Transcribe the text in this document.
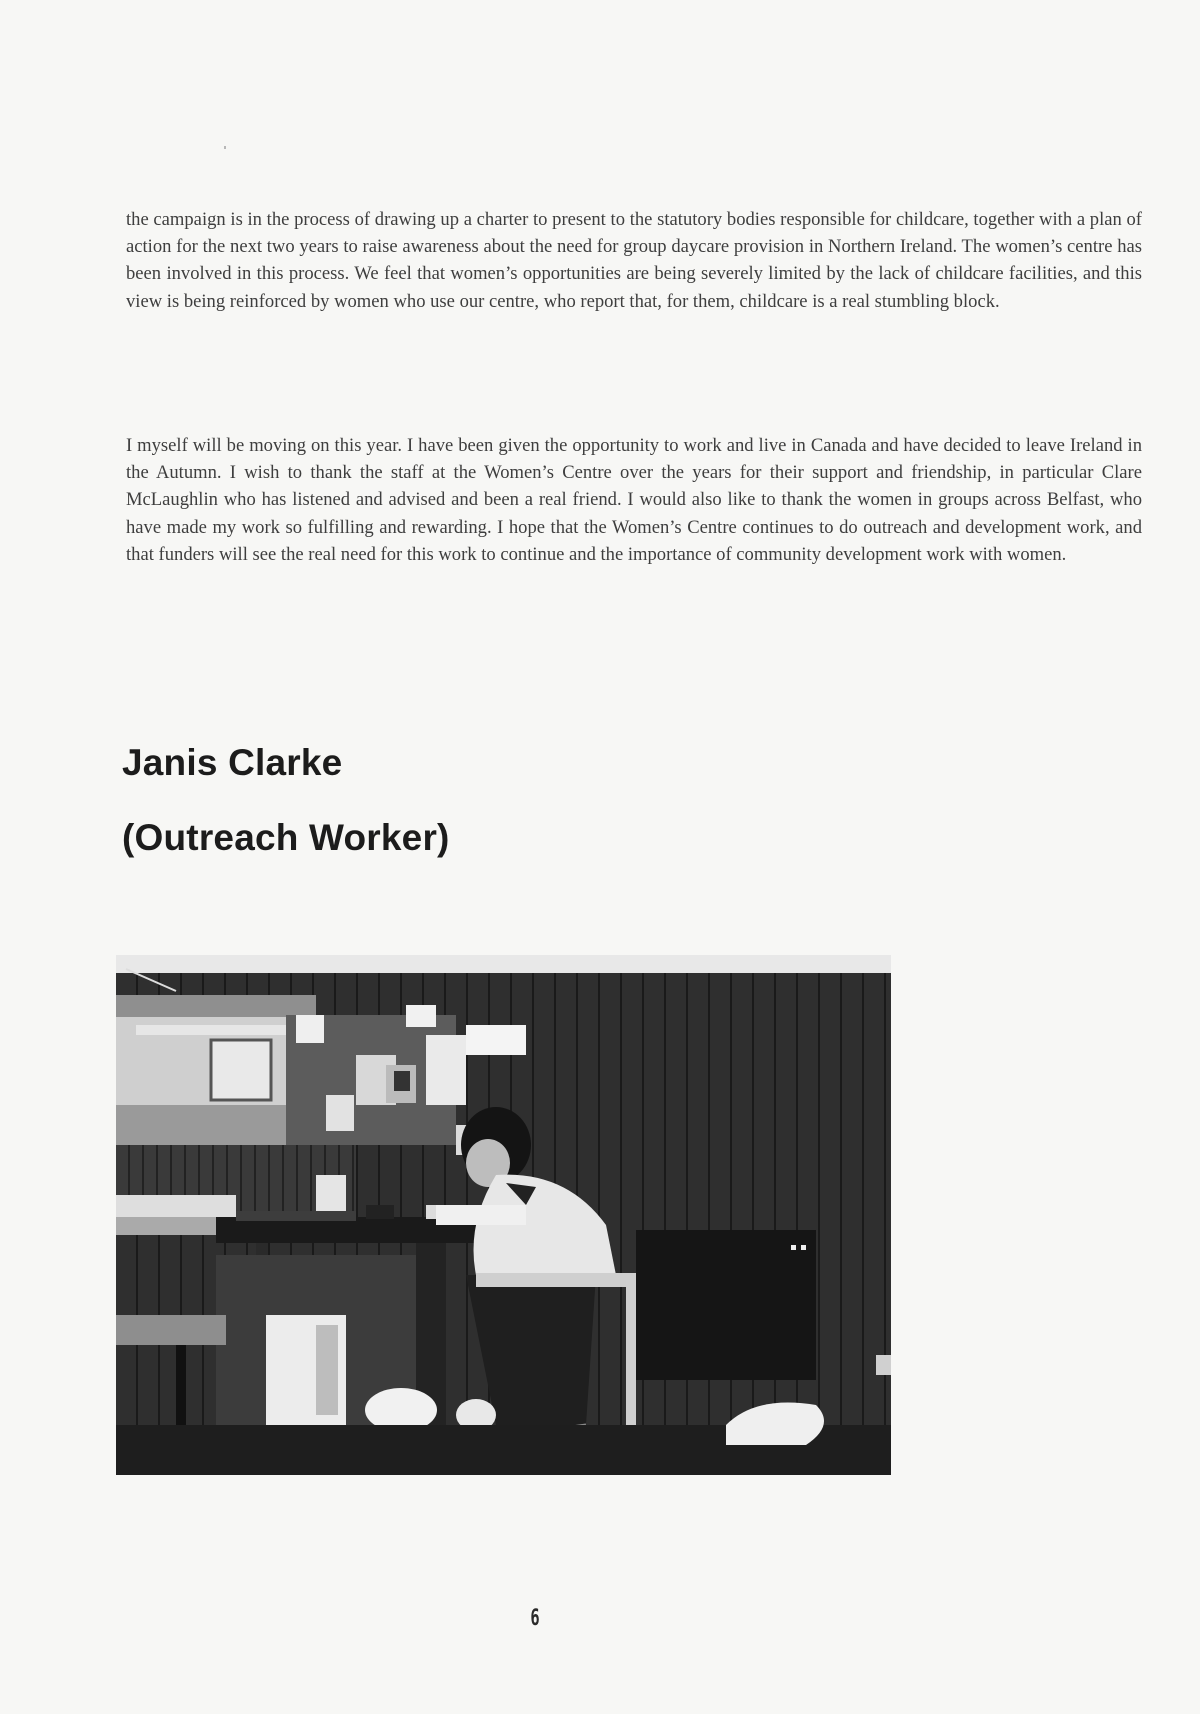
the campaign is in the process of drawing up a charter to present to the statutory bodies responsible for childcare, together with a plan of action for the next two years to raise awareness about the need for group daycare provision in Northern Ireland. The women’s centre has been involved in this process. We feel that women’s opportunities are being severely limited by the lack of childcare facilities, and this view is being reinforced by women who use our centre, who report that, for them, childcare is a real stumbling block.

I myself will be moving on this year. I have been given the opportunity to work and live in Canada and have decided to leave Ireland in the Autumn. I wish to thank the staff at the Women’s Centre over the years for their support and friendship, in particular Clare McLaughlin who has listened and advised and been a real friend. I would also like to thank the women in groups across Belfast, who have made my work so fulfilling and rewarding. I hope that the Women’s Centre continues to do outreach and development work, and that funders will see the real need for this work to continue and the importance of community development work with women.

Janis Clarke
(Outreach Worker)
6
